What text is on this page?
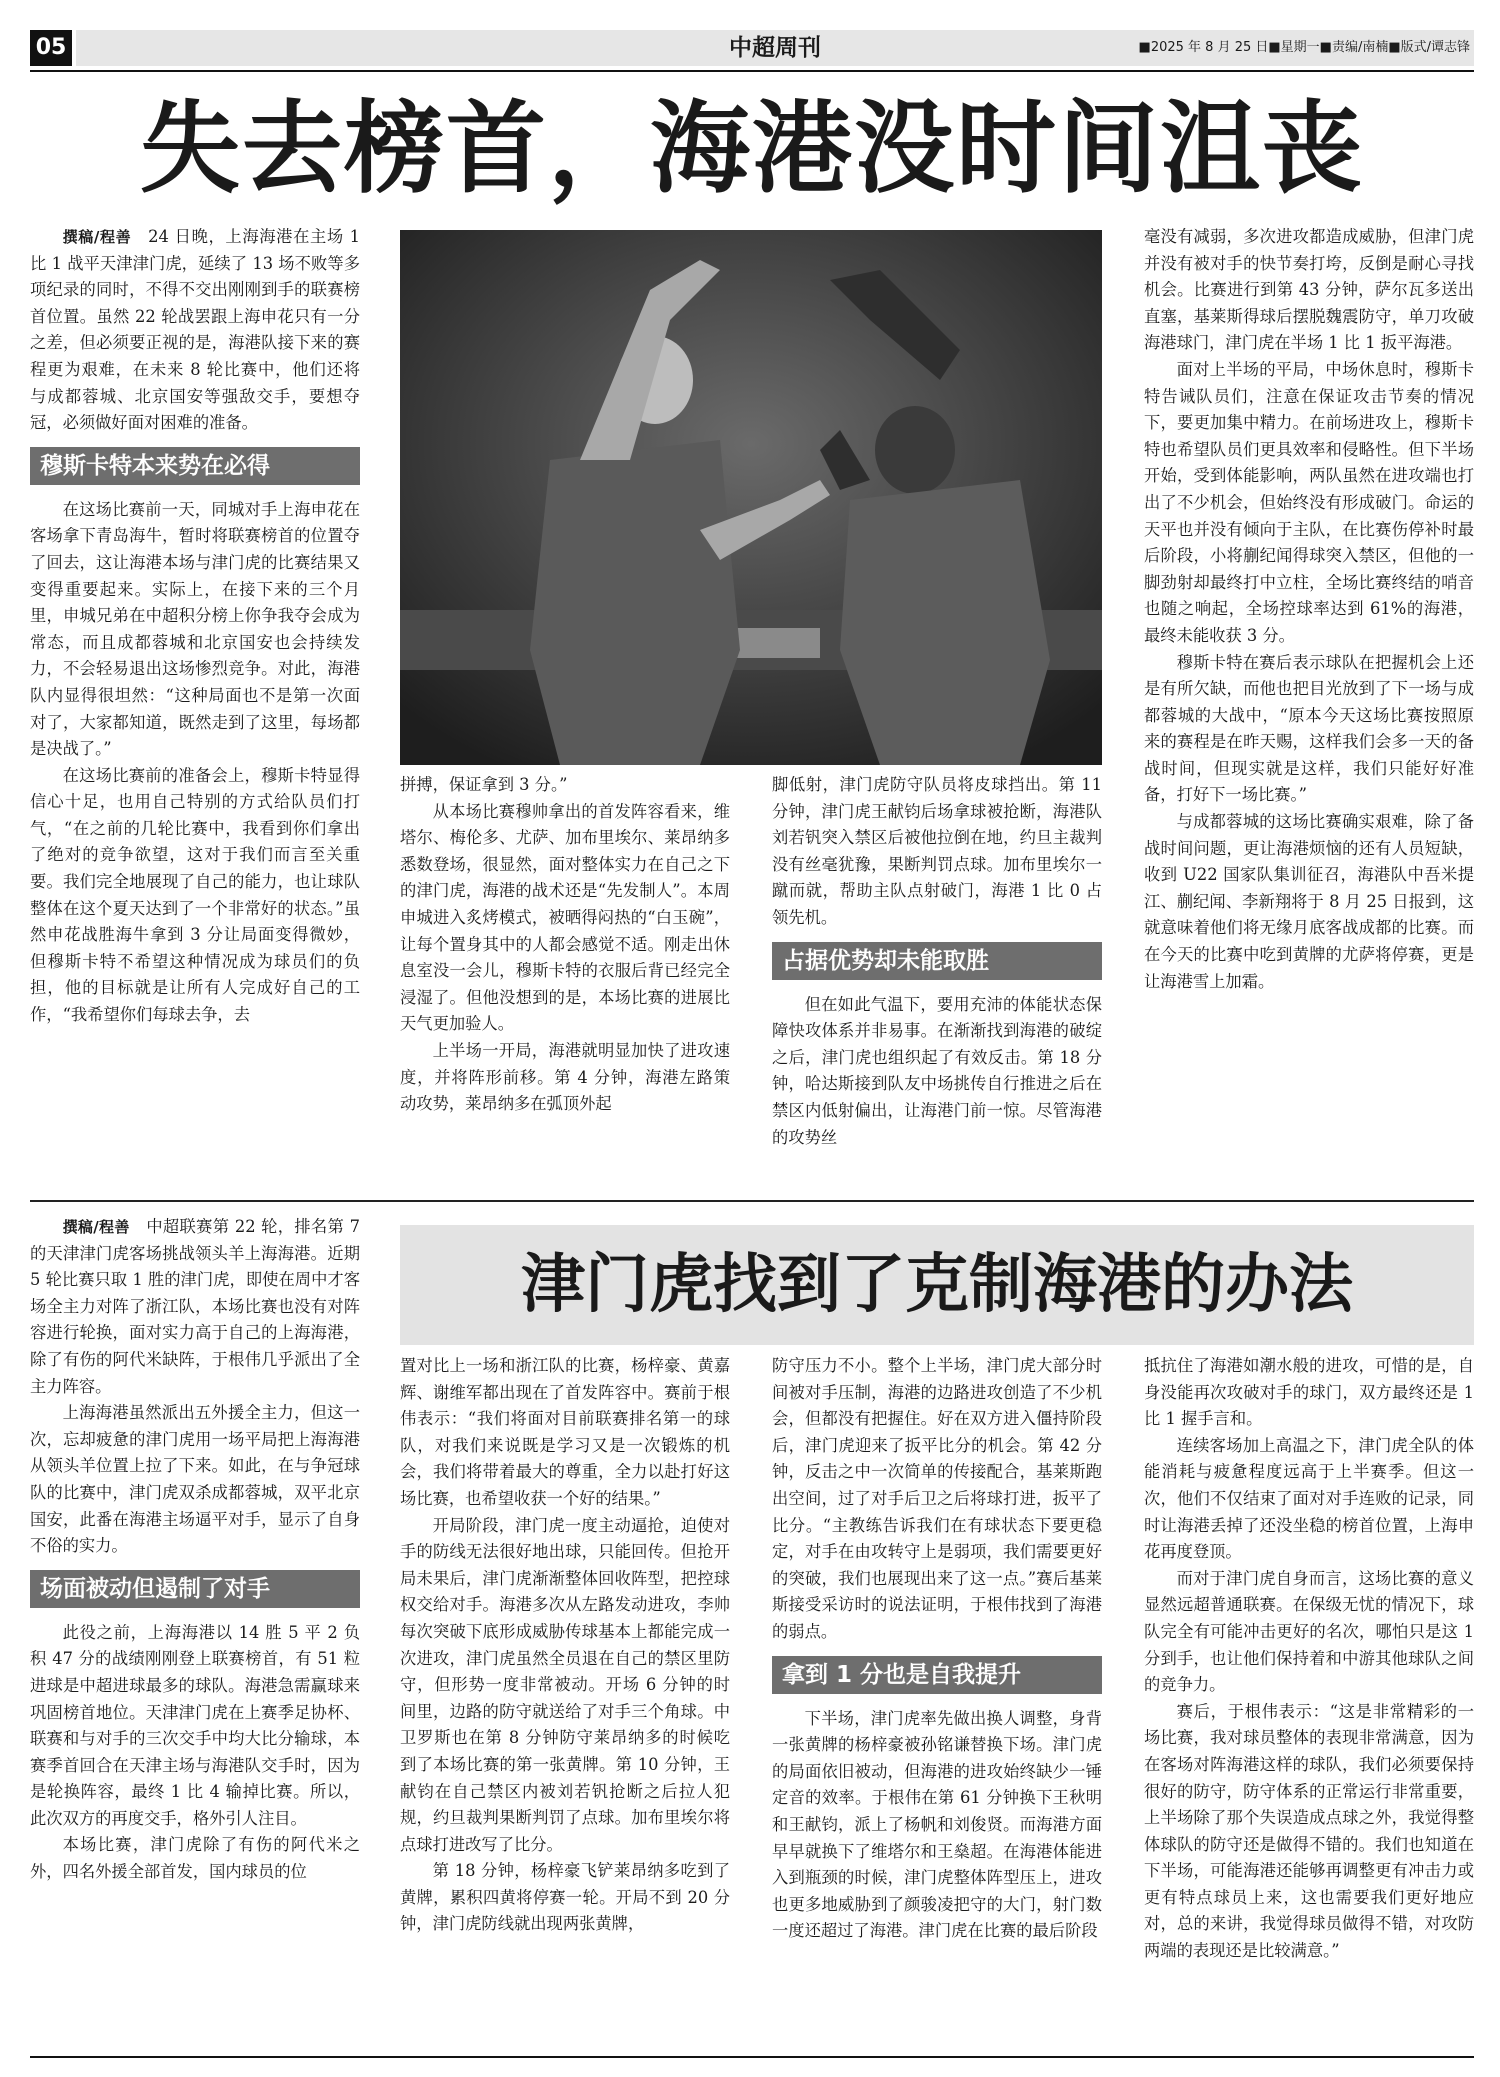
05	中超周刊	■2025 年 8 月 25 日■星期一■责编/南楠■版式/谭志锋
失去榜首，海港没时间沮丧

撰稿/程善　 24 日晚，上海海港在主场 1 比 1 战平天津津门虎，延续了 13 场不败等多项纪录的同时，不得不交出刚刚到手的联赛榜首位置。虽然 22 轮战罢跟上海申花只有一分之差，但必须要正视的是，海港队接下来的赛程更为艰难，在未来 8 轮比赛中，他们还将与成都蓉城、北京国安等强敌交手，要想夺冠，必须做好面对困难的准备。

穆斯卡特本来势在必得

在这场比赛前一天，同城对手上海申花在客场拿下青岛海牛，暂时将联赛榜首的位置夺了回去，这让海港本场与津门虎的比赛结果又变得重要起来。实际上，在接下来的三个月里，申城兄弟在中超积分榜上你争我夺会成为常态，而且成都蓉城和北京国安也会持续发力，不会轻易退出这场惨烈竞争。对此，海港队内显得很坦然：“这种局面也不是第一次面对了，大家都知道，既然走到了这里，每场都是决战了。”

在这场比赛前的准备会上，穆斯卡特显得信心十足，也用自己特别的方式给队员们打气，“在之前的几轮比赛中，我看到你们拿出了绝对的竞争欲望，这对于我们而言至关重要。我们完全地展现了自己的能力，也让球队整体在这个夏天达到了一个非常好的状态。”虽然申花战胜海牛拿到 3 分让局面变得微妙，但穆斯卡特不希望这种情况成为球员们的负担，他的目标就是让所有人完成好自己的工作，“我希望你们每球去争，去

拼搏，保证拿到 3 分。”

从本场比赛穆帅拿出的首发阵容看来，维塔尔、梅伦多、尤萨、加布里埃尔、莱昂纳多悉数登场，很显然，面对整体实力在自己之下的津门虎，海港的战术还是“先发制人”。本周申城进入炙烤模式，被晒得闷热的“白玉碗”，让每个置身其中的人都会感觉不适。刚走出休息室没一会儿，穆斯卡特的衣服后背已经完全浸湿了。但他没想到的是，本场比赛的进展比天气更加验人。

上半场一开局，海港就明显加快了进攻速度，并将阵形前移。第 4 分钟，海港左路策动攻势，莱昂纳多在弧顶外起

脚低射，津门虎防守队员将皮球挡出。第 11 分钟，津门虎王献钧后场拿球被抢断，海港队刘若钒突入禁区后被他拉倒在地，约旦主裁判没有丝毫犹豫，果断判罚点球。加布里埃尔一蹴而就，帮助主队点射破门，海港 1 比 0 占领先机。

占据优势却未能取胜

但在如此气温下，要用充沛的体能状态保障快攻体系并非易事。在渐渐找到海港的破绽之后，津门虎也组织起了有效反击。第 18 分钟，哈达斯接到队友中场挑传自行推进之后在禁区内低射偏出，让海港门前一惊。尽管海港的攻势丝

毫没有减弱，多次进攻都造成威胁，但津门虎并没有被对手的快节奏打垮，反倒是耐心寻找机会。比赛进行到第 43 分钟，萨尔瓦多送出直塞，基莱斯得球后摆脱魏震防守，单刀攻破海港球门，津门虎在半场 1 比 1 扳平海港。

面对上半场的平局，中场休息时，穆斯卡特告诫队员们，注意在保证攻击节奏的情况下，要更加集中精力。在前场进攻上，穆斯卡特也希望队员们更具效率和侵略性。但下半场开始，受到体能影响，两队虽然在进攻端也打出了不少机会，但始终没有形成破门。命运的天平也并没有倾向于主队，在比赛伤停补时最后阶段，小将蒯纪闻得球突入禁区，但他的一脚劲射却最终打中立柱，全场比赛终结的哨音也随之响起，全场控球率达到 61%的海港，最终未能收获 3 分。

穆斯卡特在赛后表示球队在把握机会上还是有所欠缺，而他也把目光放到了下一场与成都蓉城的大战中，“原本今天这场比赛按照原来的赛程是在昨天赐，这样我们会多一天的备战时间，但现实就是这样，我们只能好好准备，打好下一场比赛。”

与成都蓉城的这场比赛确实艰难，除了备战时间问题，更让海港烦恼的还有人员短缺，收到 U22 国家队集训征召，海港队中吾米提江、蒯纪闻、李新翔将于 8 月 25 日报到，这就意味着他们将无缘月底客战成都的比赛。而在今天的比赛中吃到黄牌的尤萨将停赛，更是让海港雪上加霜。

津门虎找到了克制海港的办法

撰稿/程善　 中超联赛第 22 轮，排名第 7 的天津津门虎客场挑战领头羊上海海港。近期 5 轮比赛只取 1 胜的津门虎，即使在周中才客场全主力对阵了浙江队，本场比赛也没有对阵容进行轮换，面对实力高于自己的上海海港，除了有伤的阿代米缺阵，于根伟几乎派出了全主力阵容。

上海海港虽然派出五外援全主力，但这一次，忘却疲惫的津门虎用一场平局把上海海港从领头羊位置上拉了下来。如此，在与争冠球队的比赛中，津门虎双杀成都蓉城，双平北京国安，此番在海港主场逼平对手，显示了自身不俗的实力。

场面被动但遏制了对手

此役之前，上海海港以 14 胜 5 平 2 负积 47 分的战绩刚刚登上联赛榜首，有 51 粒进球是中超进球最多的球队。海港急需赢球来巩固榜首地位。天津津门虎在上赛季足协杯、联赛和与对手的三次交手中均大比分输球，本赛季首回合在天津主场与海港队交手时，因为是轮换阵容，最终 1 比 4 输掉比赛。所以，此次双方的再度交手，格外引人注目。

本场比赛，津门虎除了有伤的阿代米之外，四名外援全部首发，国内球员的位

置对比上一场和浙江队的比赛，杨梓豪、黄嘉辉、谢维军都出现在了首发阵容中。赛前于根伟表示：“我们将面对目前联赛排名第一的球队，对我们来说既是学习又是一次锻炼的机会，我们将带着最大的尊重，全力以赴打好这场比赛，也希望收获一个好的结果。”

开局阶段，津门虎一度主动逼抢，迫使对手的防线无法很好地出球，只能回传。但抢开局未果后，津门虎渐渐整体回收阵型，把控球权交给对手。海港多次从左路发动进攻，李帅每次突破下底形成威胁传球基本上都能完成一次进攻，津门虎虽然全员退在自己的禁区里防守，但形势一度非常被动。开场 6 分钟的时间里，边路的防守就送给了对手三个角球。中卫罗斯也在第 8 分钟防守莱昂纳多的时候吃到了本场比赛的第一张黄牌。第 10 分钟，王献钧在自己禁区内被刘若钒抢断之后拉人犯规，约旦裁判果断判罚了点球。加布里埃尔将点球打进改写了比分。

第 18 分钟，杨梓豪飞铲莱昂纳多吃到了黄牌，累积四黄将停赛一轮。开局不到 20 分钟，津门虎防线就出现两张黄牌，

防守压力不小。整个上半场，津门虎大部分时间被对手压制，海港的边路进攻创造了不少机会，但都没有把握住。好在双方进入僵持阶段后，津门虎迎来了扳平比分的机会。第 42 分钟，反击之中一次简单的传接配合，基莱斯跑出空间，过了对手后卫之后将球打进，扳平了比分。“主教练告诉我们在有球状态下要更稳定，对手在由攻转守上是弱项，我们需要更好的突破，我们也展现出来了这一点。”赛后基莱斯接受采访时的说法证明，于根伟找到了海港的弱点。

拿到 1 分也是自我提升

下半场，津门虎率先做出换人调整，身背一张黄牌的杨梓豪被孙铭谦替换下场。津门虎的局面依旧被动，但海港的进攻始终缺少一锤定音的效率。于根伟在第 61 分钟换下王秋明和王献钧，派上了杨帆和刘俊贤。而海港方面早早就换下了维塔尔和王燊超。在海港体能进入到瓶颈的时候，津门虎整体阵型压上，进攻也更多地威胁到了颜骏凌把守的大门，射门数一度还超过了海港。津门虎在比赛的最后阶段

抵抗住了海港如潮水般的进攻，可惜的是，自身没能再次攻破对手的球门，双方最终还是 1 比 1 握手言和。

连续客场加上高温之下，津门虎全队的体能消耗与疲惫程度远高于上半赛季。但这一次，他们不仅结束了面对对手连败的记录，同时让海港丢掉了还没坐稳的榜首位置，上海申花再度登顶。

而对于津门虎自身而言，这场比赛的意义显然远超普通联赛。在保级无忧的情况下，球队完全有可能冲击更好的名次，哪怕只是这 1 分到手，也让他们保持着和中游其他球队之间的竞争力。

赛后，于根伟表示：“这是非常精彩的一场比赛，我对球员整体的表现非常满意，因为在客场对阵海港这样的球队，我们必须要保持很好的防守，防守体系的正常运行非常重要，上半场除了那个失误造成点球之外，我觉得整体球队的防守还是做得不错的。我们也知道在下半场，可能海港还能够再调整更有冲击力或更有特点球员上来，这也需要我们更好地应对，总的来讲，我觉得球员做得不错，对攻防两端的表现还是比较满意。”
